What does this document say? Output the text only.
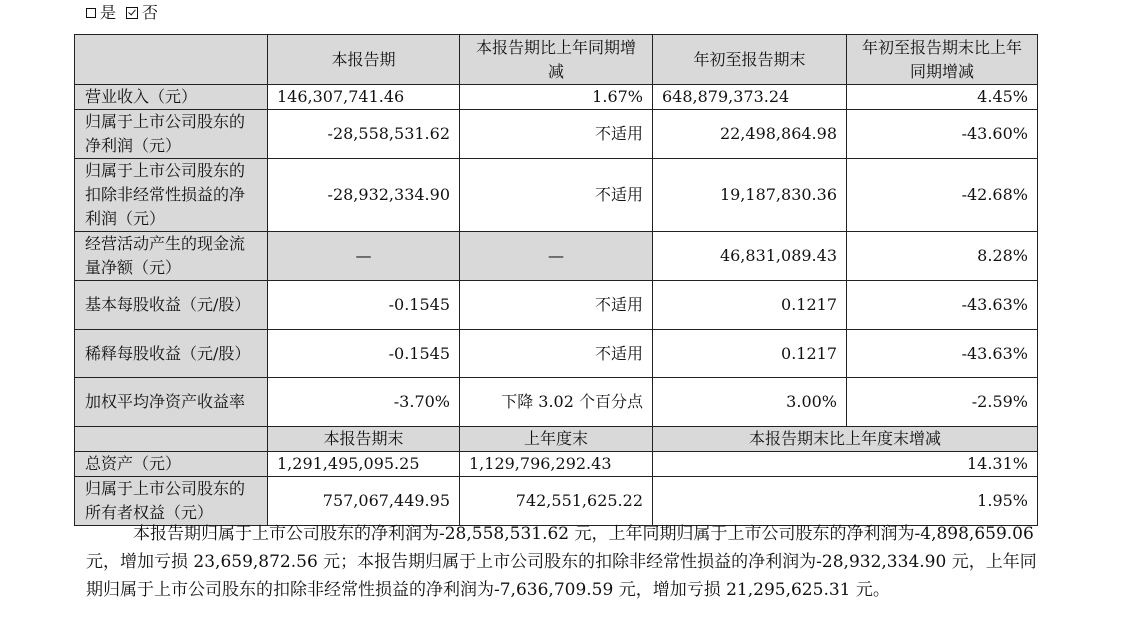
是 否
	本报告期	本报告期比上年同期增减	年初至报告期末	年初至报告期末比上年同期增减
营业收入（元）	146,307,741.46	1.67%	648,879,373.24	4.45%
归属于上市公司股东的净利润（元）	-28,558,531.62	不适用	22,498,864.98	-43.60%
归属于上市公司股东的扣除非经常性损益的净利润（元）	-28,932,334.90	不适用	19,187,830.36	-42.68%
经营活动产生的现金流量净额（元）	—	—	46,831,089.43	8.28%
基本每股收益（元/股）	-0.1545	不适用	0.1217	-43.63%
稀释每股收益（元/股）	-0.1545	不适用	0.1217	-43.63%
加权平均净资产收益率	-3.70%	下降 3.02 个百分点	3.00%	-2.59%
	本报告期末	上年度末	本报告期末比上年度末增减	
总资产（元）	1,291,495,095.25	1,129,796,292.43	14.31%	
归属于上市公司股东的所有者权益（元）	757,067,449.95	742,551,625.22	1.95%	
本报告期归属于上市公司股东的净利润为-28,558,531.62 元，上年同期归属于上市公司股东的净利润为-4,898,659.06 元，增加亏损 23,659,872.56 元；本报告期归属于上市公司股东的扣除非经常性损益的净利润为-28,932,334.90 元，上年同期归属于上市公司股东的扣除非经常性损益的净利润为-7,636,709.59 元，增加亏损 21,295,625.31 元。
